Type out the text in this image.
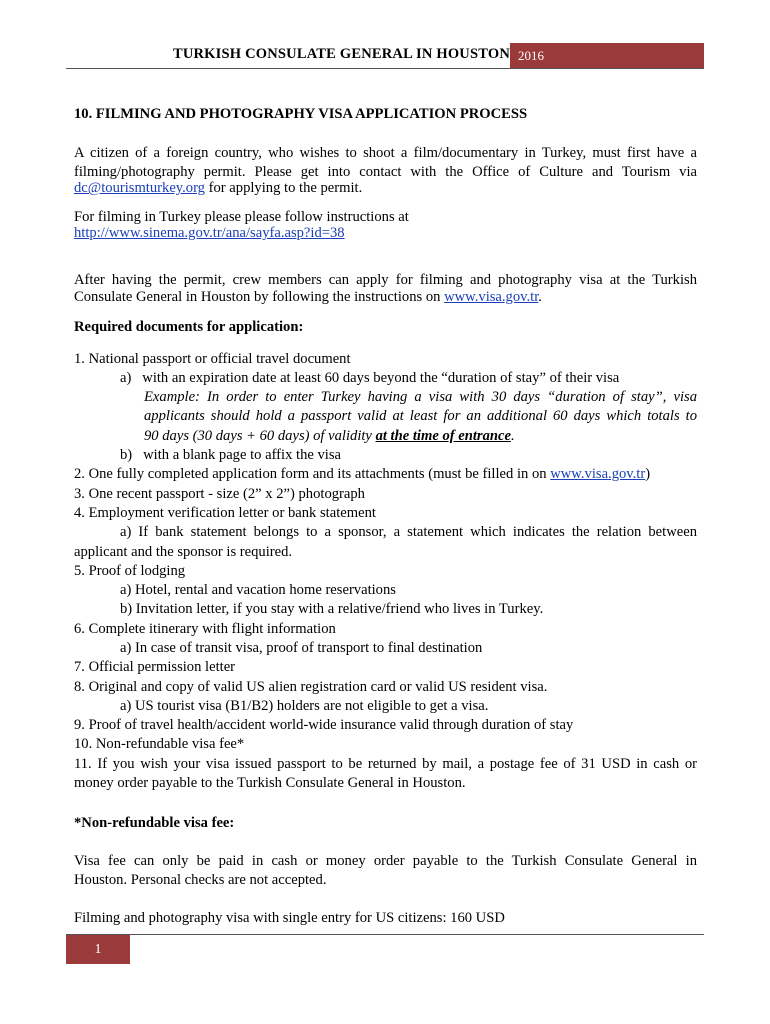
TURKISH CONSULATE GENERAL IN HOUSTON 2016
10. FILMING AND PHOTOGRAPHY VISA APPLICATION PROCESS
A citizen of a foreign country, who wishes to shoot a film/documentary in Turkey, must first have a
filming/photography permit. Please get into contact with the Office of Culture and Tourism via
dc@tourismturkey.org for applying to the permit.
For filming in Turkey please please follow instructions at
http://www.sinema.gov.tr/ana/sayfa.asp?id=38
After having the permit, crew members can apply for filming and photography visa at the Turkish
Consulate General in Houston by following the instructions on www.visa.gov.tr.
Required documents for application:
1. National passport or official travel document
a)   with an expiration date at least 60 days beyond the “duration of stay” of their visa
Example: In order to enter Turkey having a visa with 30 days “duration of stay”, visa
applicants should hold a passport valid at least for an additional 60 days which totals to
90 days (30 days + 60 days) of validity at the time of entrance.
b)   with a blank page to affix the visa
2. One fully completed application form and its attachments (must be filled in on www.visa.gov.tr)
3. One recent passport - size (2” x 2”) photograph
4. Employment verification letter or bank statement
a) If bank statement belongs to a sponsor, a statement which indicates the relation between
applicant and the sponsor is required.
5. Proof of lodging
a) Hotel, rental and vacation home reservations
b) Invitation letter, if you stay with a relative/friend who lives in Turkey.
6. Complete itinerary with flight information
a) In case of transit visa, proof of transport to final destination
7. Official permission letter
8. Original and copy of valid US alien registration card or valid US resident visa.
a) US tourist visa (B1/B2) holders are not eligible to get a visa.
9. Proof of travel health/accident world-wide insurance valid through duration of stay
10. Non-refundable visa fee*
11. If you wish your visa issued passport to be returned by mail, a postage fee of 31 USD in cash or
money order payable to the Turkish Consulate General in Houston.
*Non-refundable visa fee:
Visa fee can only be paid in cash or money order payable to the Turkish Consulate General in
Houston. Personal checks are not accepted.
Filming and photography visa with single entry for US citizens: 160 USD
1
